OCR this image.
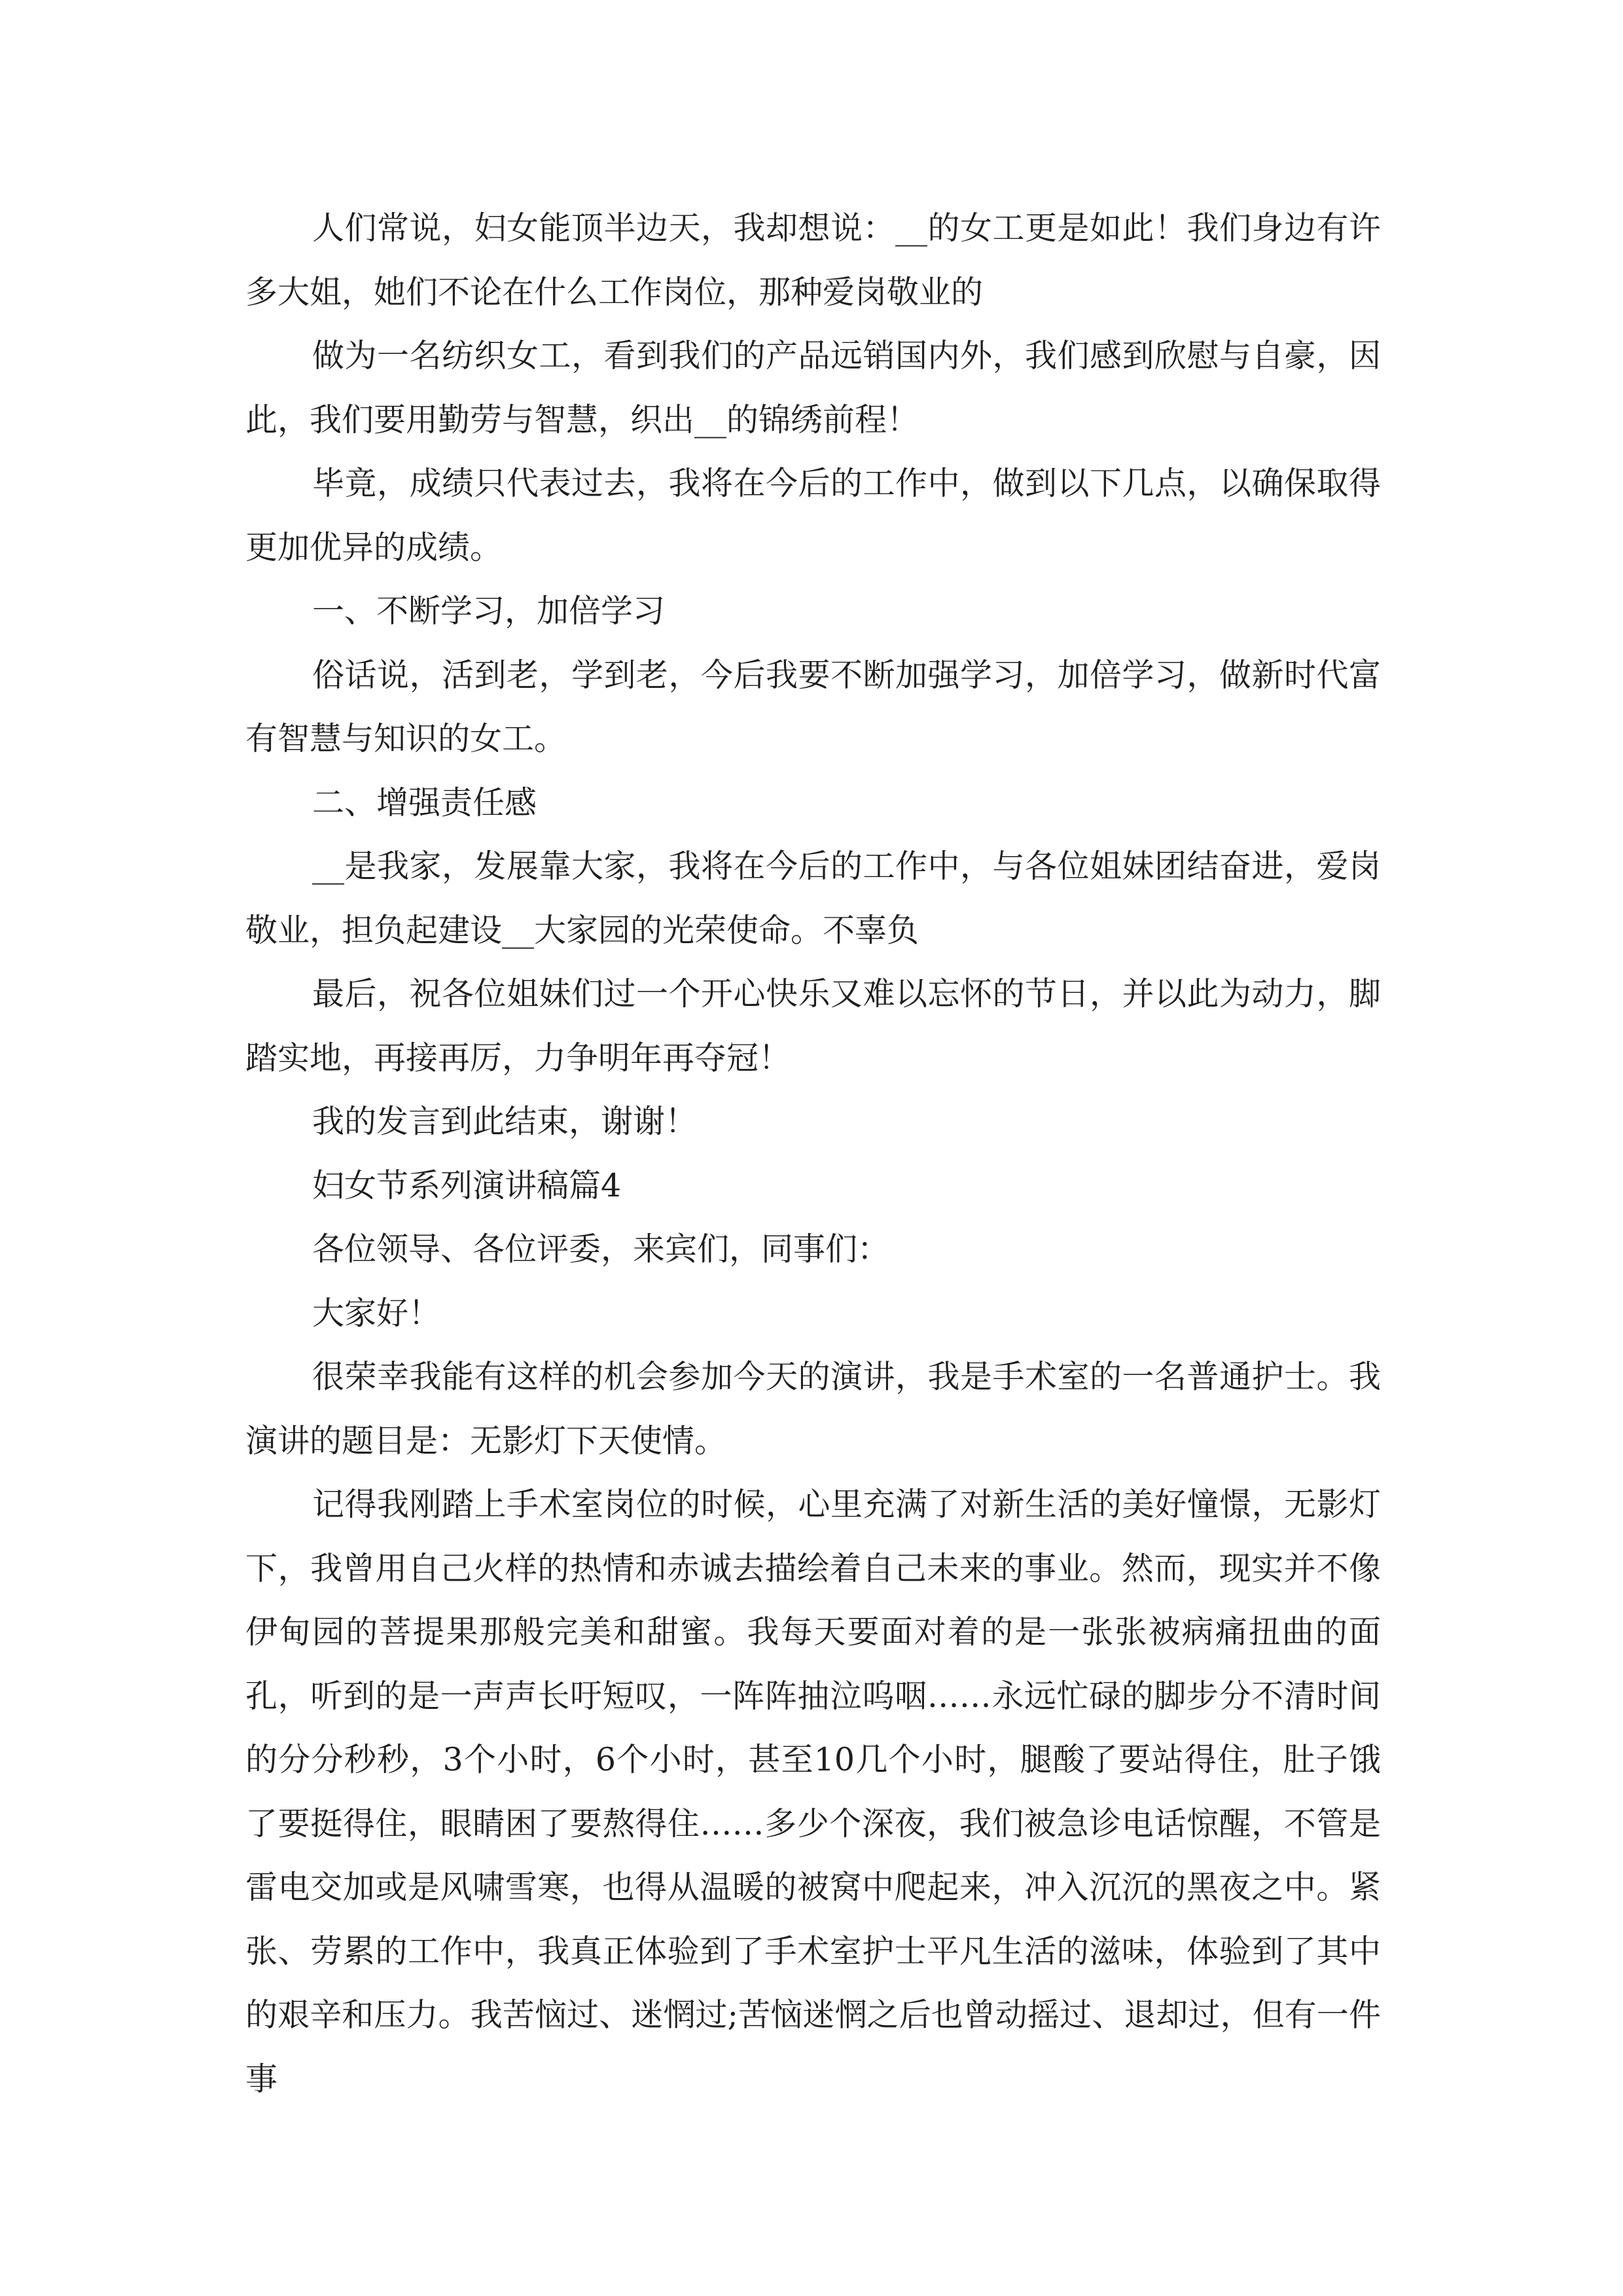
人们常说，妇女能顶半边天，我却想说：__的女工更是如此！我们身边有许多大姐，她们不论在什么工作岗位，那种爱岗敬业的

做为一名纺织女工，看到我们的产品远销国内外，我们感到欣慰与自豪，因此，我们要用勤劳与智慧，织出__的锦绣前程！

毕竟，成绩只代表过去，我将在今后的工作中，做到以下几点，以确保取得更加优异的成绩。

一、不断学习，加倍学习

俗话说，活到老，学到老，今后我要不断加强学习，加倍学习，做新时代富有智慧与知识的女工。

二、增强责任感

__是我家，发展靠大家，我将在今后的工作中，与各位姐妹团结奋进，爱岗敬业，担负起建设__大家园的光荣使命。不辜负

最后，祝各位姐妹们过一个开心快乐又难以忘怀的节日，并以此为动力，脚踏实地，再接再厉，力争明年再夺冠！

我的发言到此结束，谢谢！

妇女节系列演讲稿篇4

各位领导、各位评委，来宾们，同事们：

大家好！

很荣幸我能有这样的机会参加今天的演讲，我是手术室的一名普通护士。我演讲的题目是：无影灯下天使情。

记得我刚踏上手术室岗位的时候，心里充满了对新生活的美好憧憬，无影灯下，我曾用自己火样的热情和赤诚去描绘着自己未来的事业。然而，现实并不像伊甸园的菩提果那般完美和甜蜜。我每天要面对着的是一张张被病痛扭曲的面孔，听到的是一声声长吁短叹，一阵阵抽泣呜咽……永远忙碌的脚步分不清时间的分分秒秒，3个小时，6个小时，甚至10几个小时，腿酸了要站得住，肚子饿了要挺得住，眼睛困了要熬得住……多少个深夜，我们被急诊电话惊醒，不管是雷电交加或是风啸雪寒，也得从温暖的被窝中爬起来，冲入沉沉的黑夜之中。紧张、劳累的工作中，我真正体验到了手术室护士平凡生活的滋味，体验到了其中的艰辛和压力。我苦恼过、迷惘过;苦恼迷惘之后也曾动摇过、退却过，但有一件事
